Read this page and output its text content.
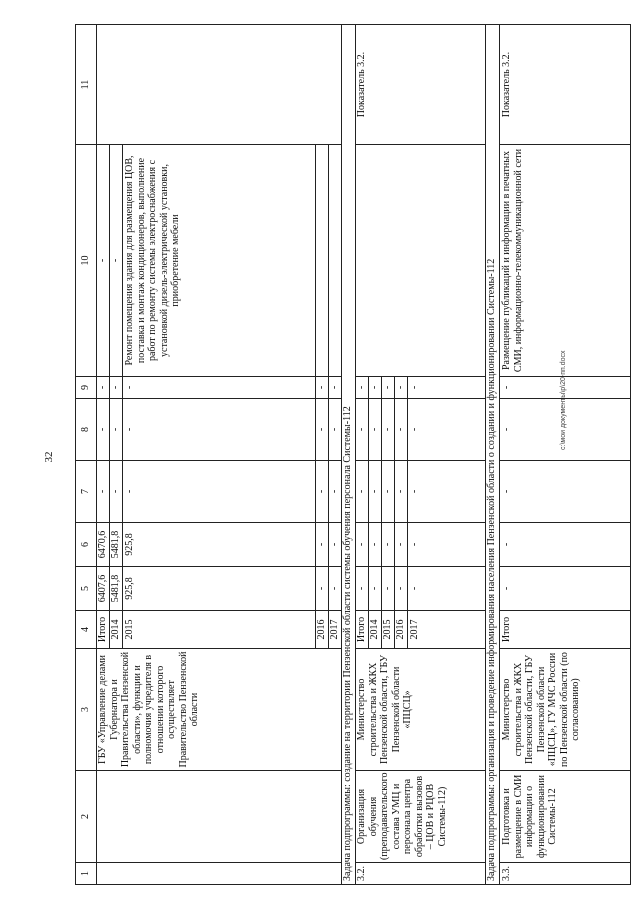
32
c:\мои документы\р\20-пп.docx
1	2	3	4	5	6	7	8	9	10	11
		ГБУ «Управление делами Губернатора и Правительства Пензенской области», функции и полномочия учредителя в отношении которого осуществляет Правительство Пензенской области	Итого	6407,6	6470,6	-	-	-	-	
			2014	5481,8	5481,8	-	-	-	-	
			2015	925,8	925,8	-	-	-	Ремонт помещения здания для размещения ЦОВ, поставка и монтаж кондиционеров, выполнение работ по ремонту системы электроснабжения с установкой дизель-электрической установки, приобретение мебели	
			2016	-	-	-	-	-		
			2017	-	-	-	-	-		
Задача подпрограммы: создание на территории Пензенской области системы обучения персонала Системы-112										
3.2.	Организация обучения (преподавательского состава УМЦ и персонала центра обработки вызовов – ЦОВ и РЦОВ Системы-112)	Министерство строительства и ЖКХ Пензенской области, ГБУ Пензенской области «ПЦСЦ»	Итого	-	-	-	-	-		Показатель 3.2.
			2014	-	-	-	-	-		
			2015	-	-	-	-	-		
			2016	-	-	-	-	-		
			2017	-	-	-	-	-		
Задача подпрограммы: организация и проведение информирования населения Пензенской области о создании и функционировании Системы-112										
3.3.	Подготовка и размещение в СМИ информации о функционировании Системы-112	Министерство строительства и ЖКХ Пензенской области, ГБУ Пензенской области «ПЦСЦ», ГУ МЧС России по Пензенской области (по согласованию)	Итого	-	-	-	-	-	Размещение публикаций и информации в печатных СМИ, информационно-телекоммуникационной сети	Показатель 3.2.
